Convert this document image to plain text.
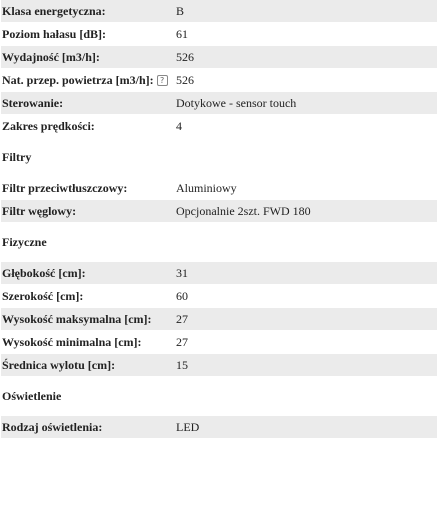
Klasa energetyczna:	B
Poziom hałasu [dB]:	61
Wydajność [m3/h]:	526
Nat. przep. powietrza [m3/h]: ? 526
Sterowanie:	Dotykowe - sensor touch
Zakres prędkości:	4
Filtry
Filtr przeciwtłuszczowy:	Aluminiowy
Filtr węglowy:	Opcjonalnie 2szt. FWD 180
Fizyczne
Głębokość [cm]:	31
Szerokość [cm]:	60
Wysokość maksymalna [cm]:	27
Wysokość minimalna [cm]:	27
Średnica wylotu [cm]:	15
Oświetlenie
Rodzaj oświetlenia:	LED
